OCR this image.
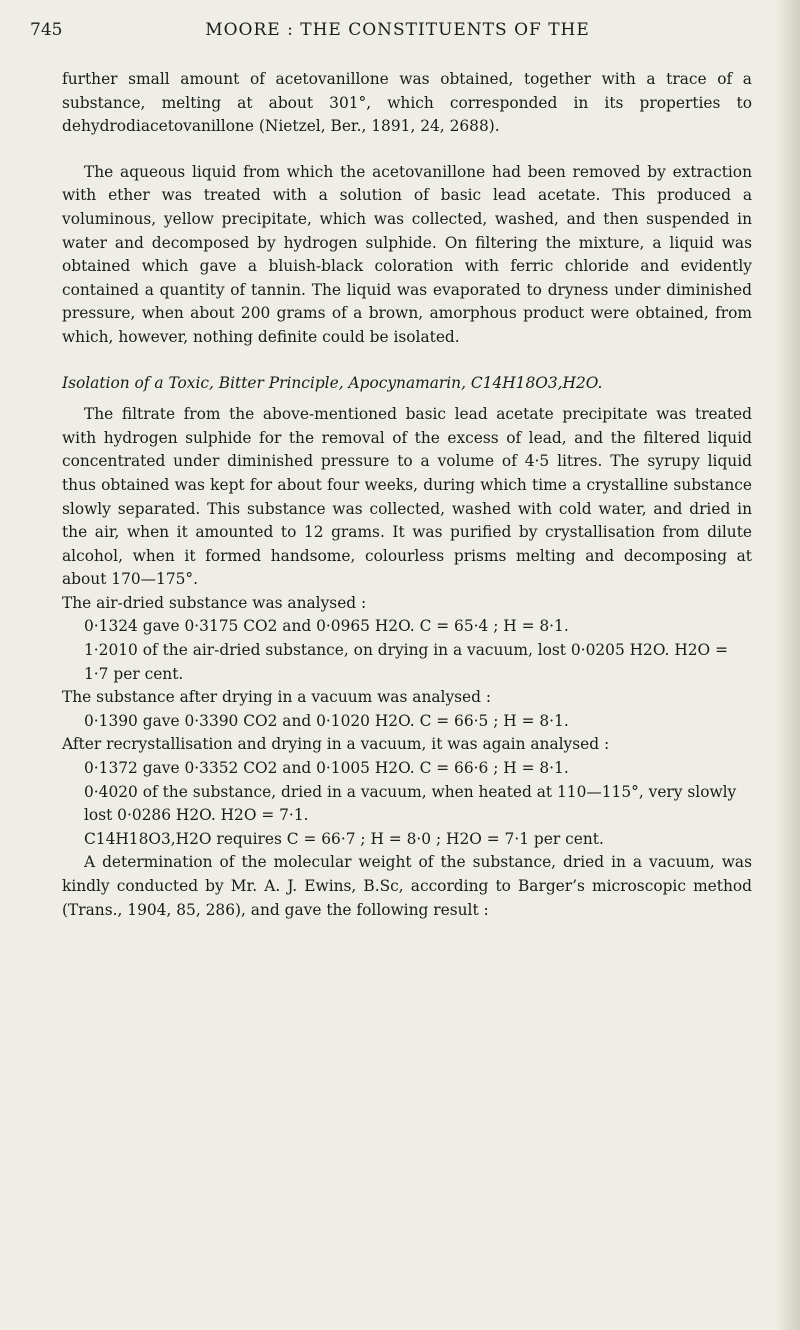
745	MOORE : THE CONSTITUENTS OF THE

further small amount of acetovanillone was obtained, together with a trace of a substance, melting at about 301°, which corresponded in its properties to dehydrodiacetovanillone (Nietzel, Ber., 1891, 24, 2688).

The aqueous liquid from which the acetovanillone had been removed by extraction with ether was treated with a solution of basic lead acetate. This produced a voluminous, yellow precipitate, which was collected, washed, and then suspended in water and decomposed by hydrogen sulphide. On filtering the mixture, a liquid was obtained which gave a bluish-black coloration with ferric chloride and evidently contained a quantity of tannin. The liquid was evaporated to dryness under diminished pressure, when about 200 grams of a brown, amorphous product were obtained, from which, however, nothing definite could be isolated.

Isolation of a Toxic, Bitter Principle, Apocynamarin, C14H18O3,H2O.

The filtrate from the above-mentioned basic lead acetate precipitate was treated with hydrogen sulphide for the removal of the excess of lead, and the filtered liquid concentrated under diminished pressure to a volume of 4·5 litres. The syrupy liquid thus obtained was kept for about four weeks, during which time a crystalline substance slowly separated. This substance was collected, washed with cold water, and dried in the air, when it amounted to 12 grams. It was purified by crystallisation from dilute alcohol, when it formed handsome, colourless prisms melting and decomposing at about 170—175°.

The air-dried substance was analysed :

0·1324 gave 0·3175 CO2 and 0·0965 H2O. C = 65·4 ; H = 8·1.

1·2010 of the air-dried substance, on drying in a vacuum, lost 0·0205 H2O. H2O = 1·7 per cent.

The substance after drying in a vacuum was analysed :

0·1390 gave 0·3390 CO2 and 0·1020 H2O. C = 66·5 ; H = 8·1.

After recrystallisation and drying in a vacuum, it was again analysed :

0·1372 gave 0·3352 CO2 and 0·1005 H2O. C = 66·6 ; H = 8·1.

0·4020 of the substance, dried in a vacuum, when heated at 110—115°, very slowly lost 0·0286 H2O. H2O = 7·1.

C14H18O3,H2O requires C = 66·7 ; H = 8·0 ; H2O = 7·1 per cent.

A determination of the molecular weight of the substance, dried in a vacuum, was kindly conducted by Mr. A. J. Ewins, B.Sc, according to Barger’s microscopic method (Trans., 1904, 85, 286), and gave the following result :
